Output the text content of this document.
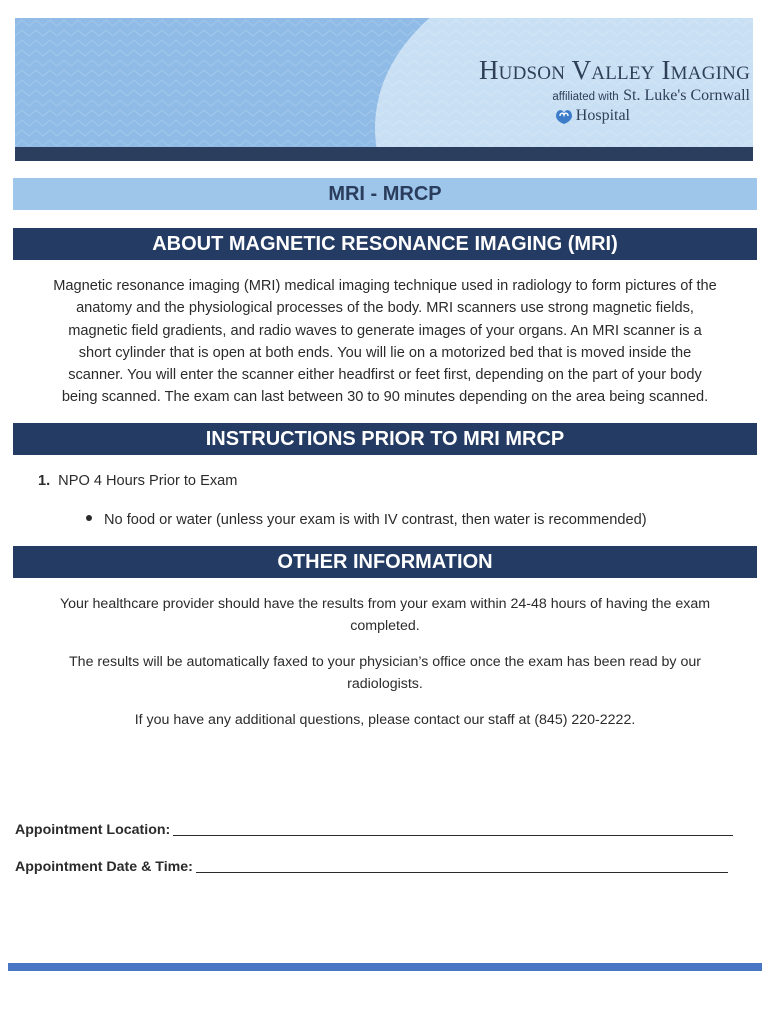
Hudson Valley Imaging
affiliated with St. Luke's Cornwall
Hospital
MRI - MRCP
ABOUT MAGNETIC RESONANCE IMAGING (MRI)
Magnetic resonance imaging (MRI) medical imaging technique used in radiology to form pictures of the
anatomy and the physiological processes of the body. MRI scanners use strong magnetic fields,
magnetic field gradients, and radio waves to generate images of your organs. An MRI scanner is a
short cylinder that is open at both ends. You will lie on a motorized bed that is moved inside the
scanner. You will enter the scanner either headfirst or feet first, depending on the part of your body
being scanned. The exam can last between 30 to 90 minutes depending on the area being scanned.
INSTRUCTIONS PRIOR TO MRI MRCP
1. NPO 4 Hours Prior to Exam
No food or water (unless your exam is with IV contrast, then water is recommended)
OTHER INFORMATION
Your healthcare provider should have the results from your exam within 24-48 hours of having the exam
completed.
The results will be automatically faxed to your physician’s office once the exam has been read by our
radiologists.
If you have any additional questions, please contact our staff at (845) 220-2222.
Appointment Location:
Appointment Date & Time:
